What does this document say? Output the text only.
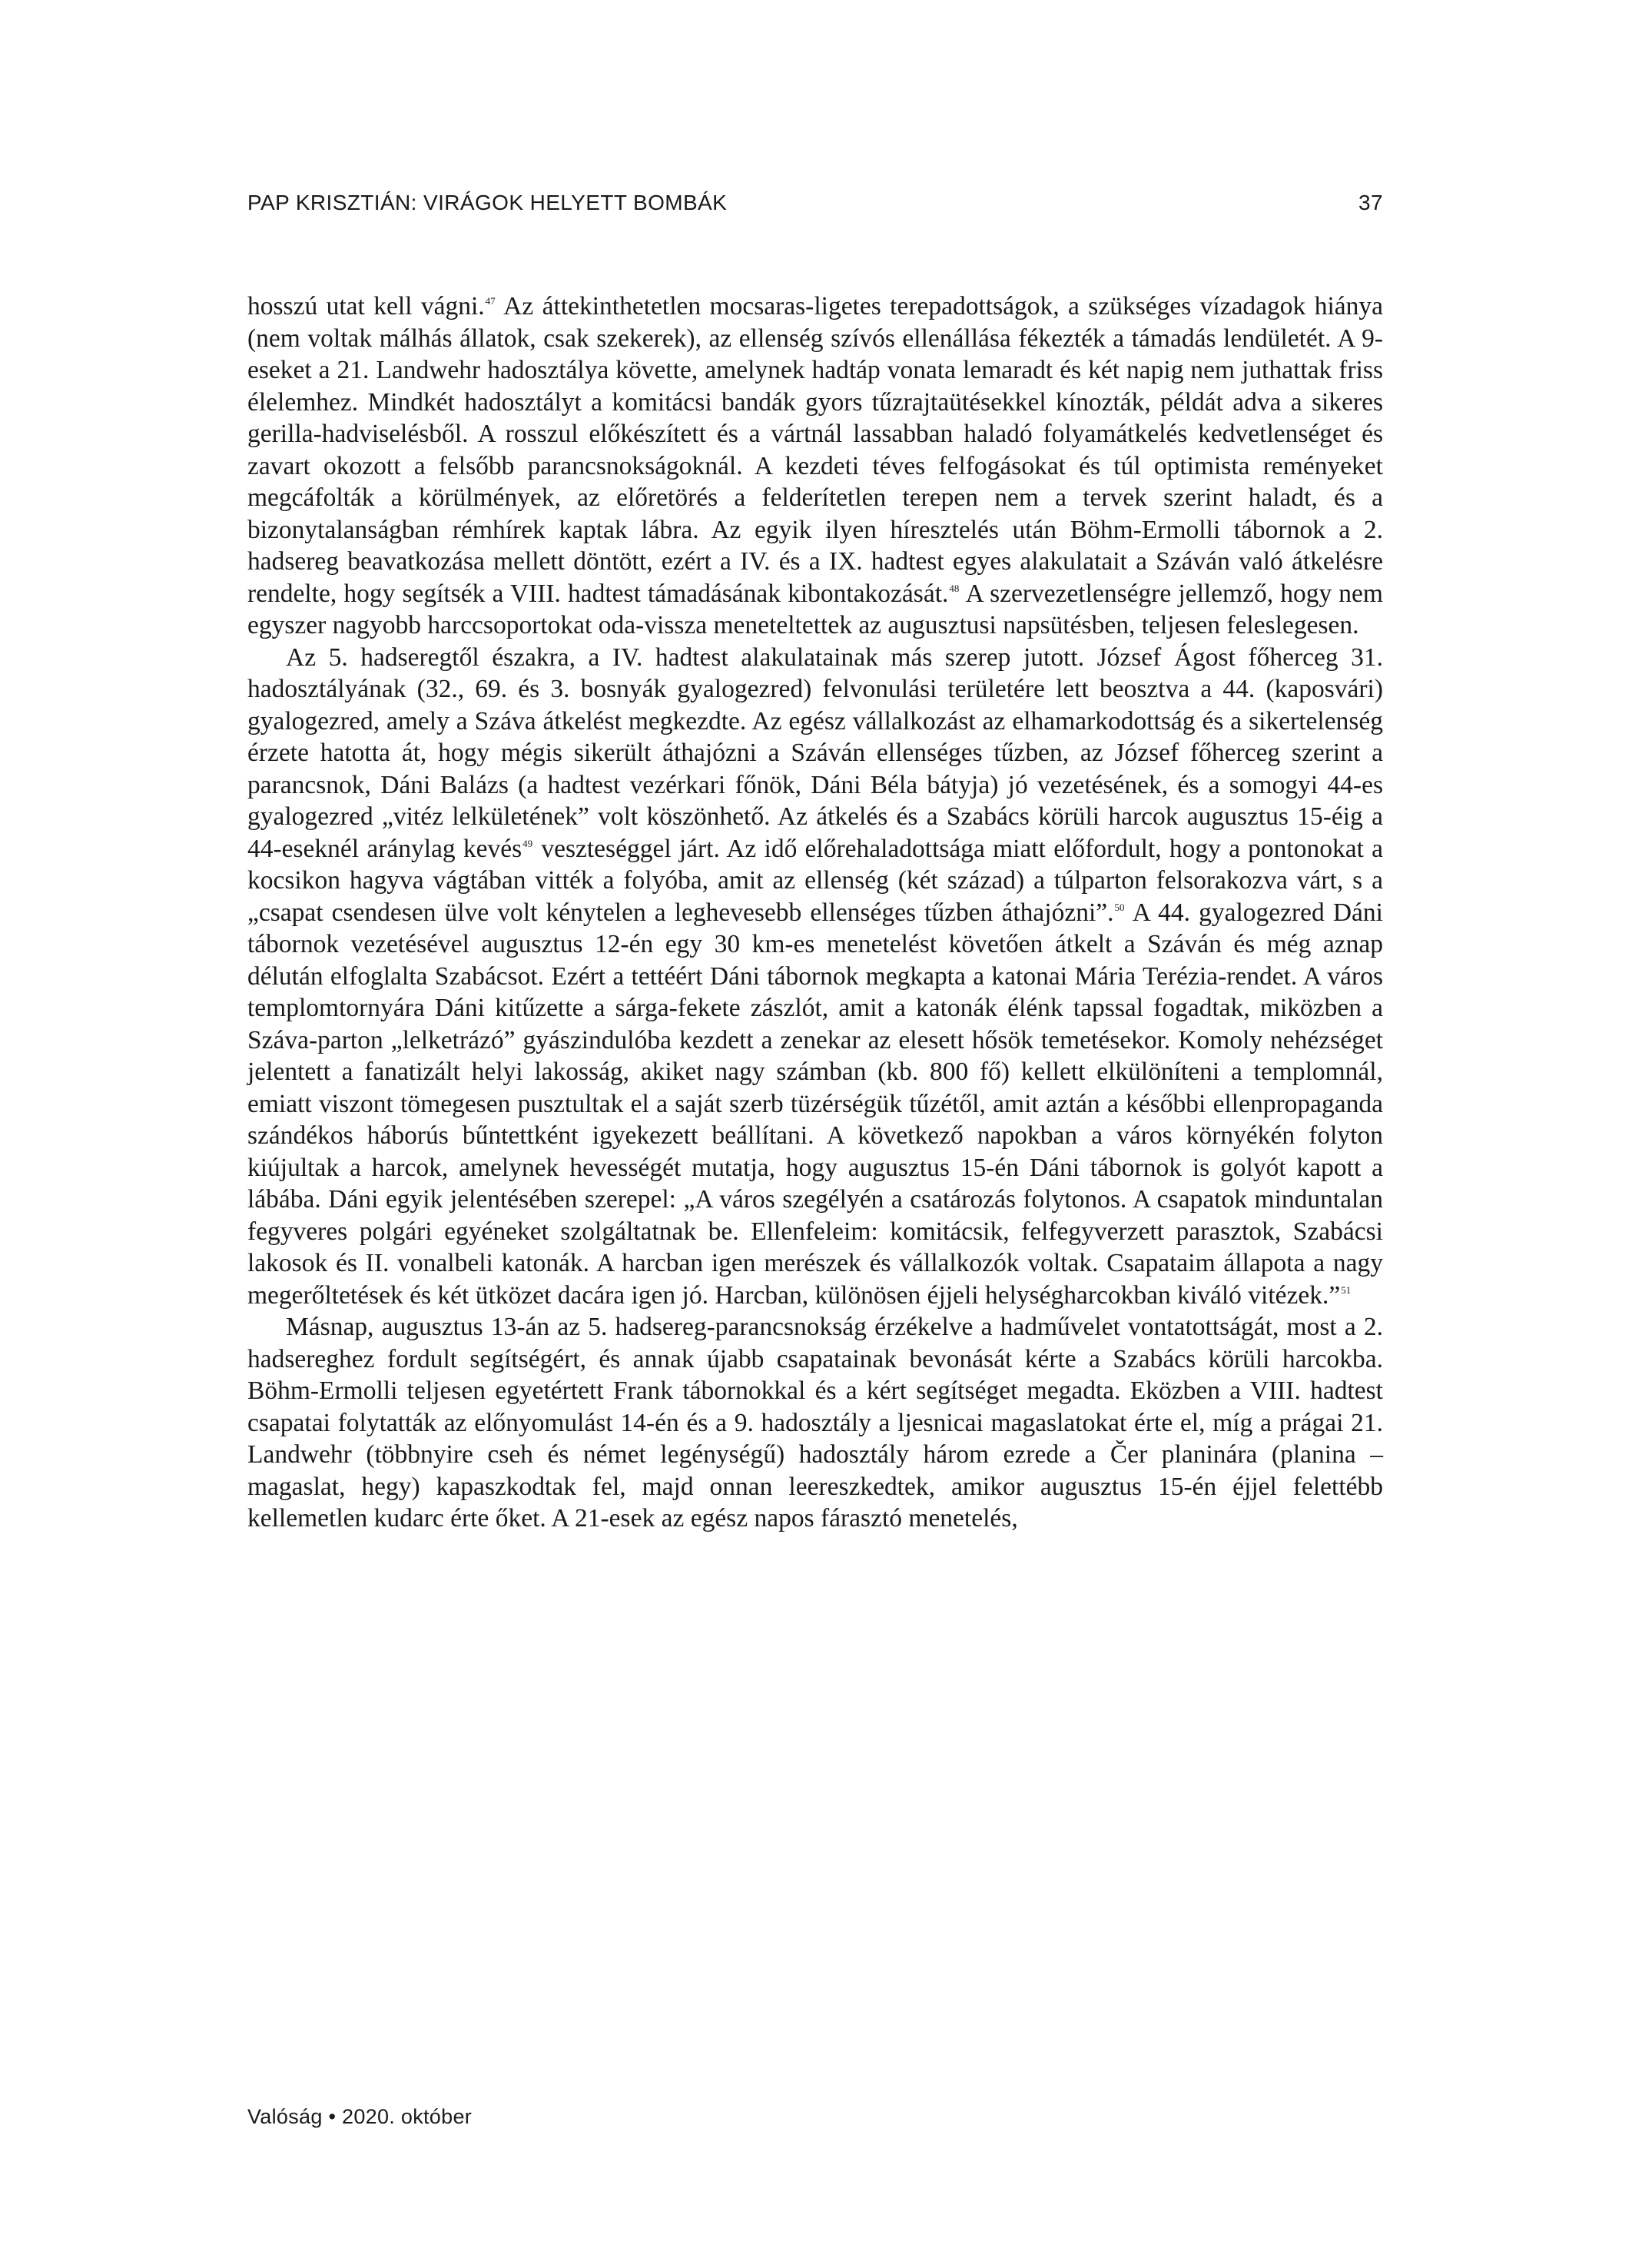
PAP KRISZTIÁN: VIRÁGOK HELYETT BOMBÁK	37

hosszú utat kell vágni.$^{47}$ Az áttekinthetetlen mocsaras-ligetes terepadottságok, a szükséges vízadagok hiánya (nem voltak málhás állatok, csak szekerek), az ellenség szívós ellenállása fékezték a támadás lendületét. A 9-eseket a 21. Landwehr hadosztálya követte, amelynek hadtáp vonata lemaradt és két napig nem juthattak friss élelemhez. Mindkét hadosztályt a komitácsi bandák gyors tűzrajtaütésekkel kínozták, példát adva a sikeres gerilla-hadviselésből. A rosszul előkészített és a vártnál lassabban haladó folyamátkelés kedvetlenséget és zavart okozott a felsőbb parancsnokságoknál. A kezdeti téves felfogásokat és túl optimista reményeket megcáfolták a körülmények, az előretörés a felderítetlen terepen nem a tervek szerint haladt, és a bizonytalanságban rémhírek kaptak lábra. Az egyik ilyen híresztelés után Böhm-Ermolli tábornok a 2. hadsereg beavatkozása mellett döntött, ezért a IV. és a IX. hadtest egyes alakulatait a Száván való átkelésre rendelte, hogy segítsék a VIII. hadtest támadásának kibontakozását.$^{48}$ A szervezetlenségre jellemző, hogy nem egyszer nagyobb harccsoportokat oda-vissza meneteltettek az augusztusi napsütésben, teljesen feleslegesen.

Az 5. hadseregtől északra, a IV. hadtest alakulatainak más szerep jutott. József Ágost főherceg 31. hadosztályának (32., 69. és 3. bosnyák gyalogezred) felvonulási területére lett beosztva a 44. (kaposvári) gyalogezred, amely a Száva átkelést megkezdte. Az egész vállalkozást az elhamarkodottság és a sikertelenség érzete hatotta át, hogy mégis sikerült áthajózni a Száván ellenséges tűzben, az József főherceg szerint a parancsnok, Dáni Balázs (a hadtest vezérkari főnök, Dáni Béla bátyja) jó vezetésének, és a somogyi 44-es gyalogezred „vitéz lelkületének” volt köszönhető. Az átkelés és a Szabács körüli harcok augusztus 15-éig a 44-eseknél aránylag kevés$^{49}$ veszteséggel járt. Az idő előrehaladottsága miatt előfordult, hogy a pontonokat a kocsikon hagyva vágtában vitték a folyóba, amit az ellenség (két század) a túlparton felsorakozva várt, s a „csapat csendesen ülve volt kénytelen a leghevesebb ellenséges tűzben áthajózni”.$^{50}$ A 44. gyalogezred Dáni tábornok vezetésével augusztus 12-én egy 30 km-es menetelést követően átkelt a Száván és még aznap délután elfoglalta Szabácsot. Ezért a tettéért Dáni tábornok megkapta a katonai Mária Terézia-rendet. A város templomtornyára Dáni kitűzette a sárga-fekete zászlót, amit a katonák élénk tapssal fogadtak, miközben a Száva-parton „lelketrázó” gyászindulóba kezdett a zenekar az elesett hősök temetésekor. Komoly nehézséget jelentett a fanatizált helyi lakosság, akiket nagy számban (kb. 800 fő) kellett elkülöníteni a templomnál, emiatt viszont tömegesen pusztultak el a saját szerb tüzérségük tűzétől, amit aztán a későbbi ellenpropaganda szándékos háborús bűntettként igyekezett beállítani. A következő napokban a város környékén folyton kiújultak a harcok, amelynek hevességét mutatja, hogy augusztus 15-én Dáni tábornok is golyót kapott a lábába. Dáni egyik jelentésében szerepel: „A város szegélyén a csatározás folytonos. A csapatok minduntalan fegyveres polgári egyéneket szolgáltatnak be. Ellenfeleim: komitácsik, felfegyverzett parasztok, Szabácsi lakosok és II. vonalbeli katonák. A harcban igen merészek és vállalkozók voltak. Csapataim állapota a nagy megerőltetések és két ütközet dacára igen jó. Harcban, különösen éjjeli helységharcokban kiváló vitézek.”$^{51}$

Másnap, augusztus 13-án az 5. hadsereg-parancsnokság érzékelve a hadművelet vontatottságát, most a 2. hadsereghez fordult segítségért, és annak újabb csapatainak bevonását kérte a Szabács körüli harcokba. Böhm-Ermolli teljesen egyetértett Frank tábornokkal és a kért segítséget megadta. Eközben a VIII. hadtest csapatai folytatták az előnyomulást 14-én és a 9. hadosztály a ljesnicai magaslatokat érte el, míg a prágai 21. Landwehr (többnyire cseh és német legénységű) hadosztály három ezrede a Čer planinára (planina – magaslat, hegy) kapaszkodtak fel, majd onnan leereszkedtek, amikor augusztus 15-én éjjel felettébb kellemetlen kudarc érte őket. A 21-esek az egész napos fárasztó menetelés,

Valóság • 2020. október
